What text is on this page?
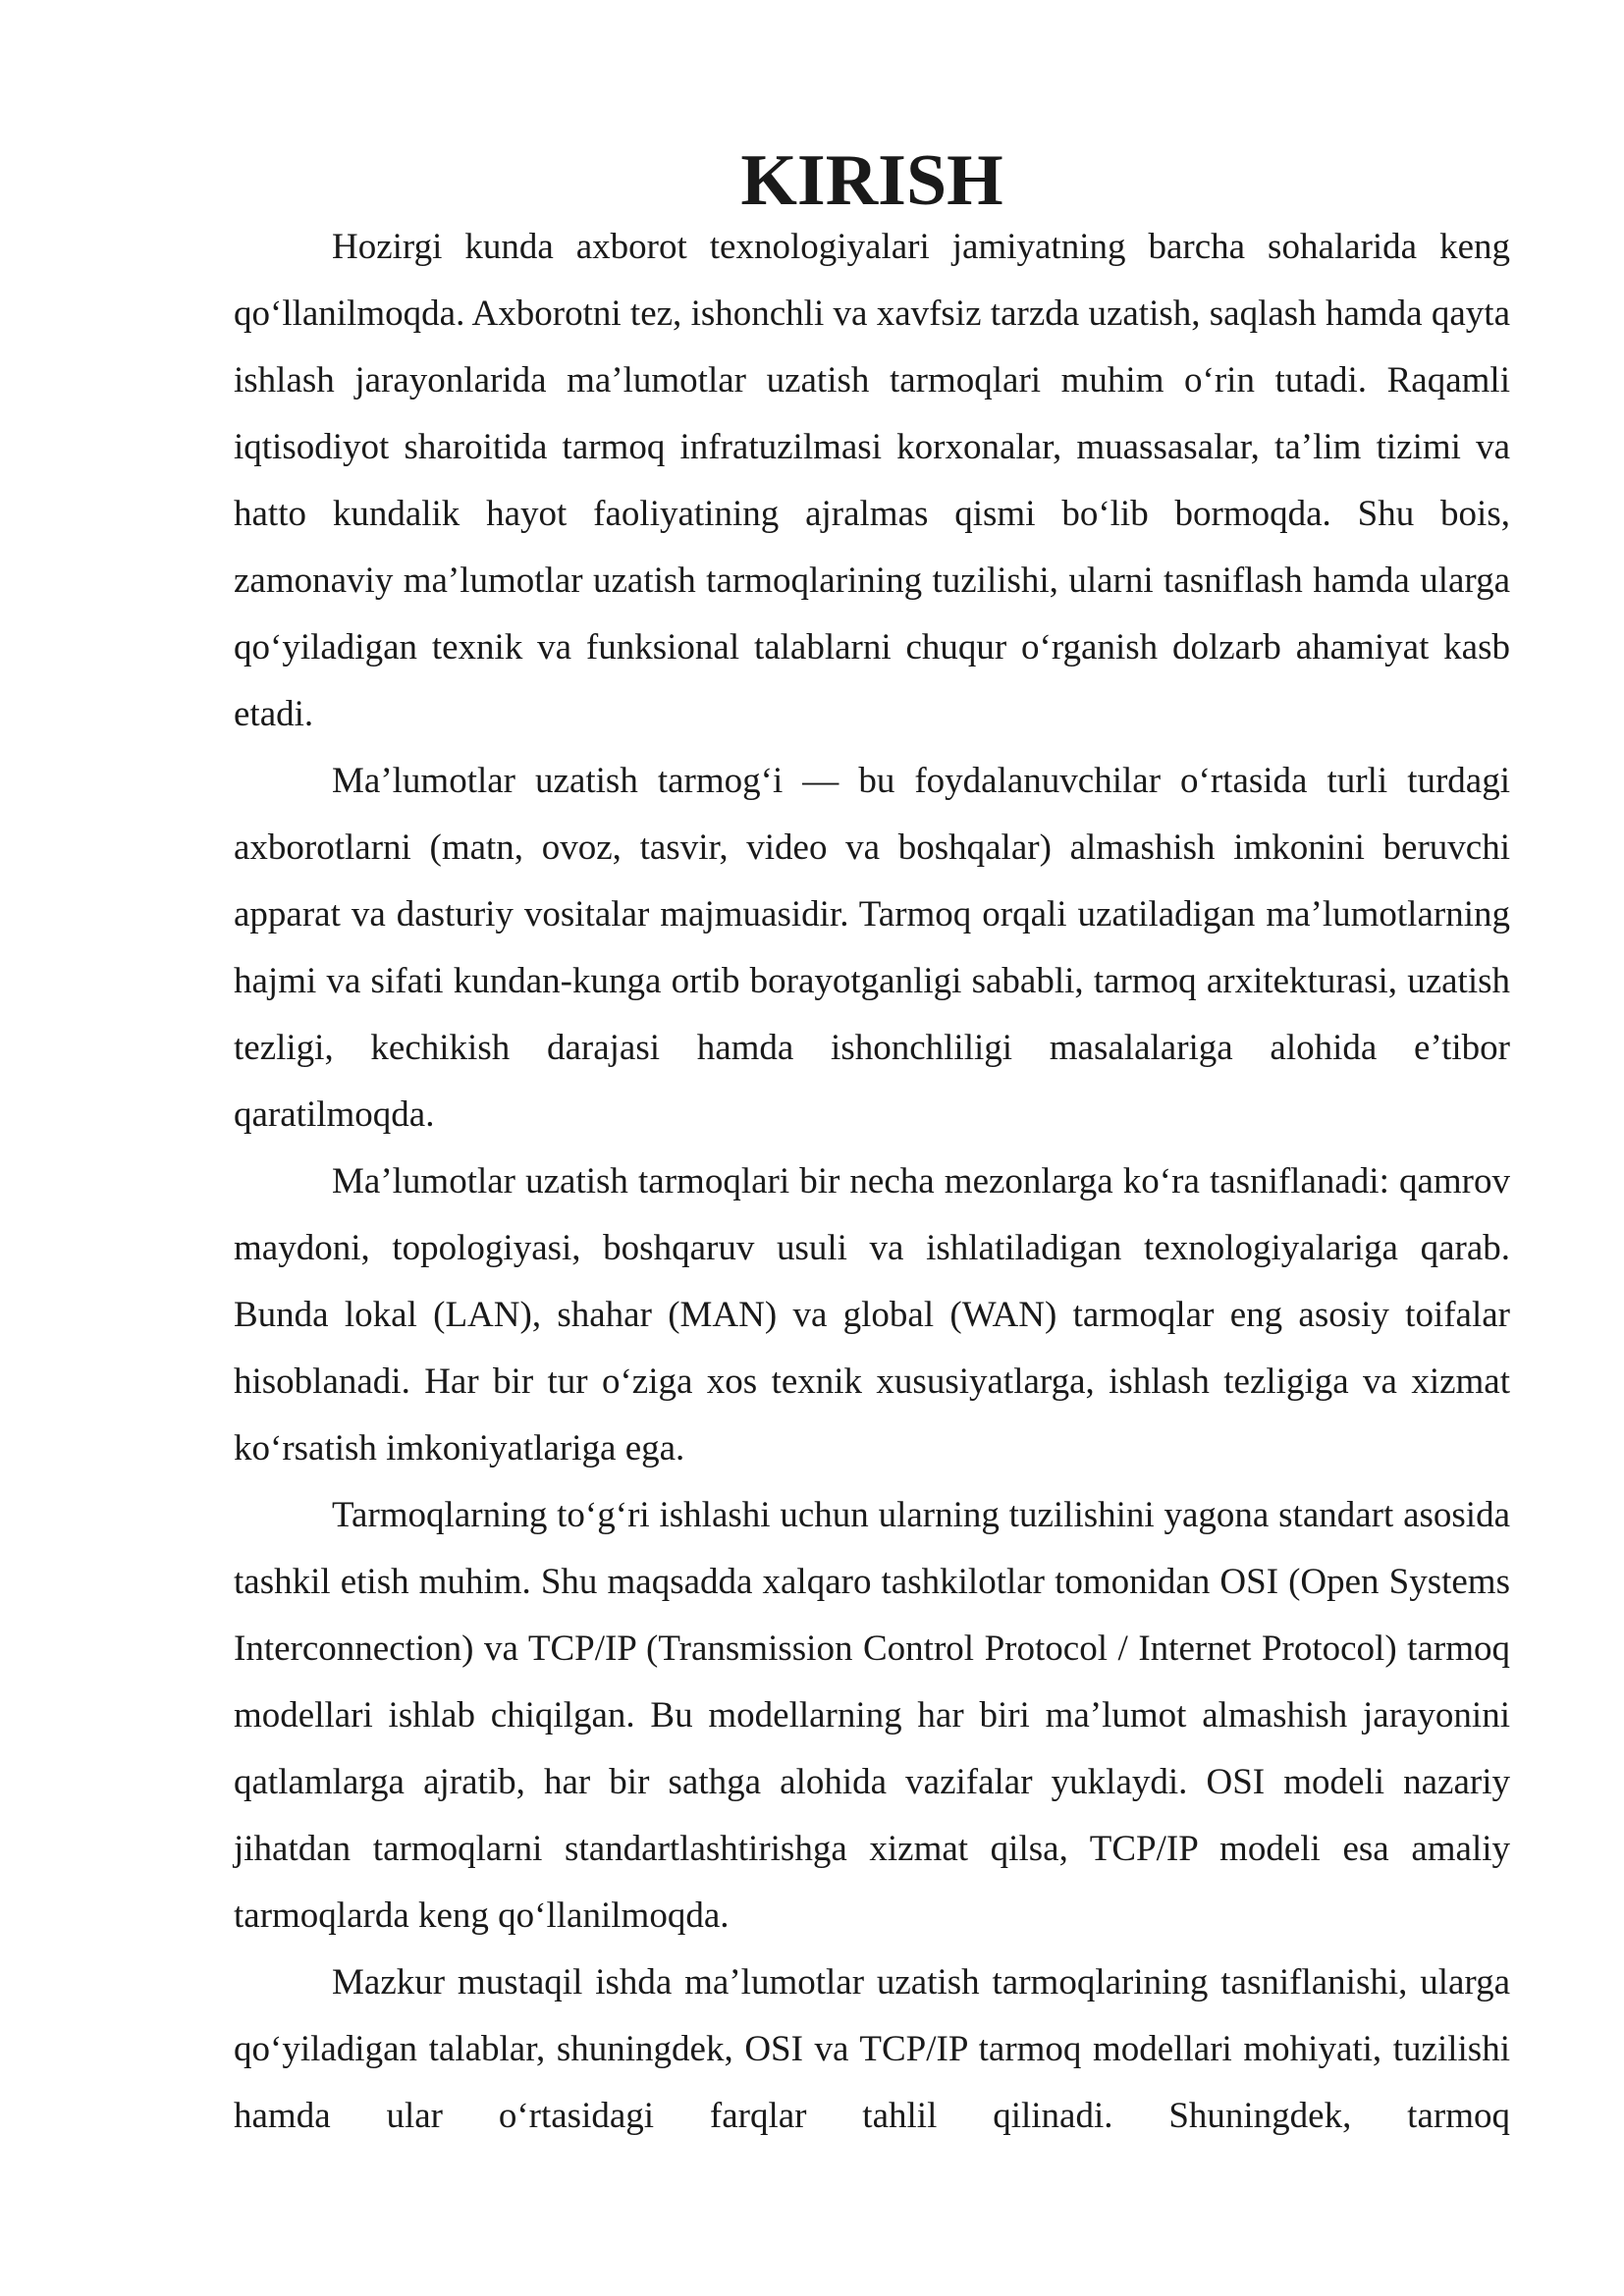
KIRISH

Hozirgi kunda axborot texnologiyalari jamiyatning barcha sohalarida keng qo‘llanilmoqda. Axborotni tez, ishonchli va xavfsiz tarzda uzatish, saqlash hamda qayta ishlash jarayonlarida ma’lumotlar uzatish tarmoqlari muhim o‘rin tutadi. Raqamli iqtisodiyot sharoitida tarmoq infratuzilmasi korxonalar, muassasalar, ta’lim tizimi va hatto kundalik hayot faoliyatining ajralmas qismi bo‘lib bormoqda. Shu bois, zamonaviy ma’lumotlar uzatish tarmoqlarining tuzilishi, ularni tasniflash hamda ularga qo‘yiladigan texnik va funksional talablarni chuqur o‘rganish dolzarb ahamiyat kasb etadi.

Ma’lumotlar uzatish tarmog‘i — bu foydalanuvchilar o‘rtasida turli turdagi axborotlarni (matn, ovoz, tasvir, video va boshqalar) almashish imkonini beruvchi apparat va dasturiy vositalar majmuasidir. Tarmoq orqali uzatiladigan ma’lumotlarning hajmi va sifati kundan-kunga ortib borayotganligi sababli, tarmoq arxitekturasi, uzatish tezligi, kechikish darajasi hamda ishonchliligi masalalariga alohida e’tibor qaratilmoqda.

Ma’lumotlar uzatish tarmoqlari bir necha mezonlarga ko‘ra tasniflanadi: qamrov maydoni, topologiyasi, boshqaruv usuli va ishlatiladigan texnologiyalariga qarab. Bunda lokal (LAN), shahar (MAN) va global (WAN) tarmoqlar eng asosiy toifalar hisoblanadi. Har bir tur o‘ziga xos texnik xususiyatlarga, ishlash tezligiga va xizmat ko‘rsatish imkoniyatlariga ega.

Tarmoqlarning to‘g‘ri ishlashi uchun ularning tuzilishini yagona standart asosida tashkil etish muhim. Shu maqsadda xalqaro tashkilotlar tomonidan OSI (Open Systems Interconnection) va TCP/IP (Transmission Control Protocol / Internet Protocol) tarmoq modellari ishlab chiqilgan. Bu modellarning har biri ma’lumot almashish jarayonini qatlamlarga ajratib, har bir sathga alohida vazifalar yuklaydi. OSI modeli nazariy jihatdan tarmoqlarni standartlashtirishga xizmat qilsa, TCP/IP modeli esa amaliy tarmoqlarda keng qo‘llanilmoqda.

Mazkur mustaqil ishda ma’lumotlar uzatish tarmoqlarining tasniflanishi, ularga qo‘yiladigan talablar, shuningdek, OSI va TCP/IP tarmoq modellari mohiyati, tuzilishi hamda ular o‘rtasidagi farqlar tahlil qilinadi. Shuningdek, tarmoq
